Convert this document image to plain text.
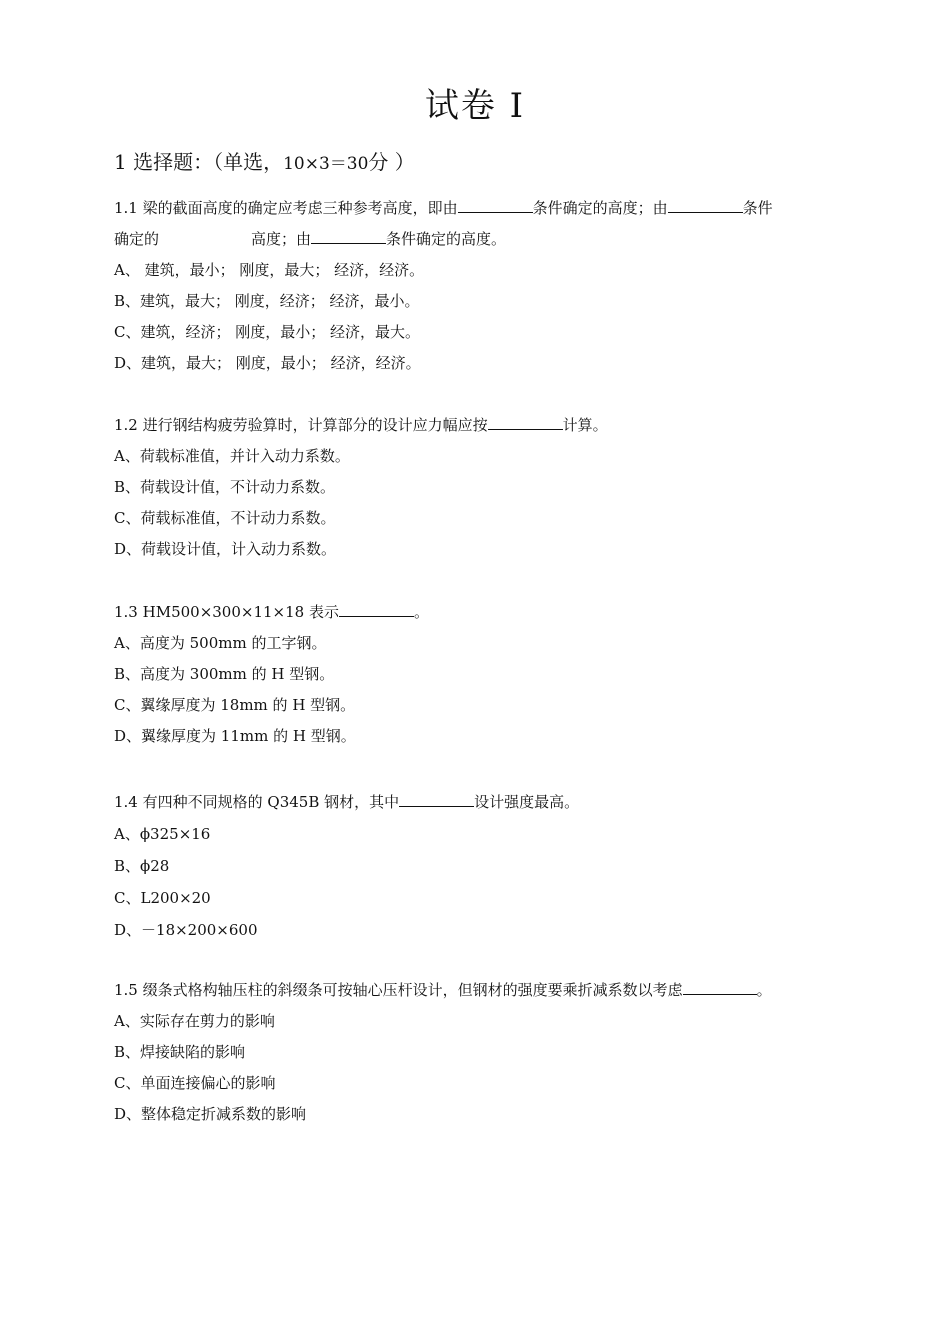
试卷 I
1 选择题：（单选，10×3＝30分 ）
1.1 梁的截面高度的确定应考虑三种参考高度，即由	条件确定的高度；由	条件
确定的	高度；由	条件确定的高度。
A、 建筑，最小； 刚度，最大； 经济，经济。
B、建筑，最大； 刚度，经济； 经济，最小。
C、建筑，经济； 刚度，最小； 经济，最大。
D、建筑，最大； 刚度，最小； 经济，经济。
1.2 进行钢结构疲劳验算时，计算部分的设计应力幅应按	计算。
A、荷载标准值，并计入动力系数。
B、荷载设计值，不计动力系数。
C、荷载标准值，不计动力系数。
D、荷载设计值，计入动力系数。
1.3 HM500×300×11×18 表示	。
A、高度为 500mm 的工字钢。
B、高度为 300mm 的 H 型钢。
C、翼缘厚度为 18mm 的 H 型钢。
D、翼缘厚度为 11mm 的 H 型钢。
1.4 有四种不同规格的 Q345B 钢材，其中	设计强度最高。
A、ϕ325×16
B、ϕ28
C、L200×20
D、－18×200×600
1.5 缀条式格构轴压柱的斜缀条可按轴心压杆设计，但钢材的强度要乘折减系数以考虑	。
A、实际存在剪力的影响
B、焊接缺陷的影响
C、单面连接偏心的影响
D、整体稳定折减系数的影响
